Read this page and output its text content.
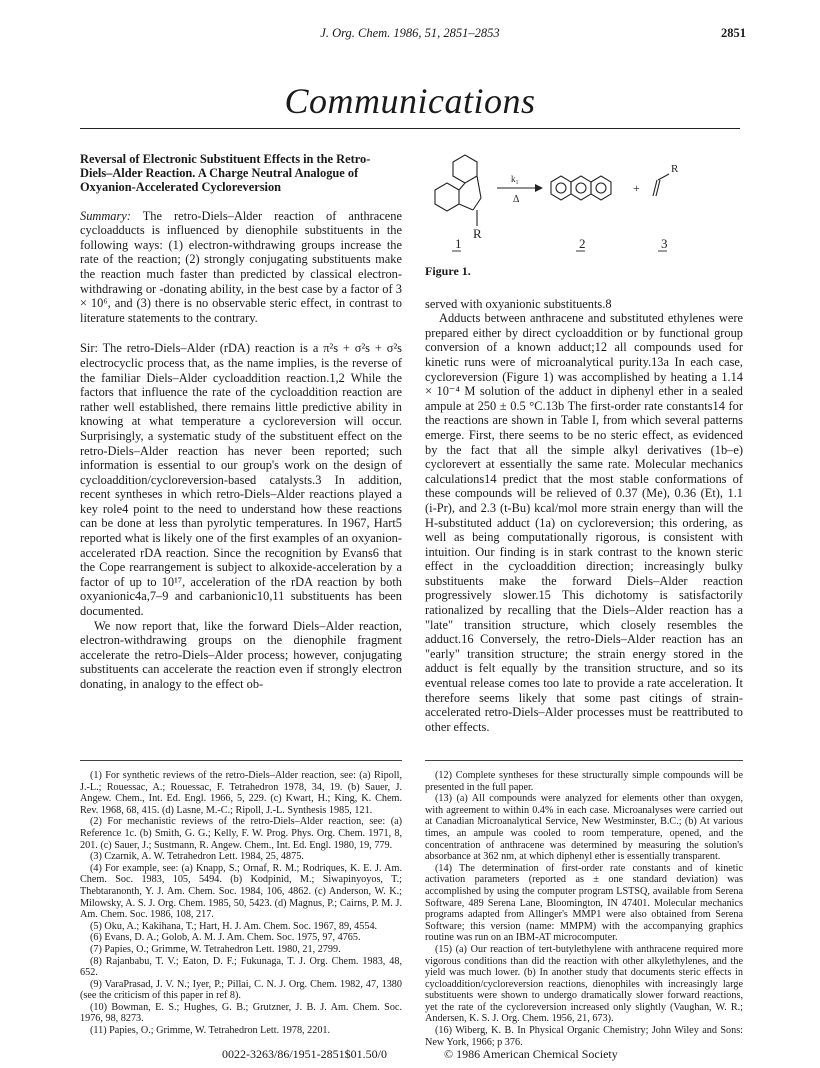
J. Org. Chem. 1986, 51, 2851–2853	2851
Communications
Reversal of Electronic Substituent Effects in the Retro-Diels–Alder Reaction. A Charge Neutral Analogue of Oxyanion-Accelerated Cycloreversion
Summary: The retro-Diels–Alder reaction of anthracene cycloadducts is influenced by dienophile substituents in the following ways: (1) electron-withdrawing groups increase the rate of the reaction; (2) strongly conjugating substituents make the reaction much faster than predicted by classical electron-withdrawing or -donating ability, in the best case by a factor of 3 × 10⁶, and (3) there is no observable steric effect, in contrast to literature statements to the contrary.

Sir: The retro-Diels–Alder (rDA) reaction is a π²s + σ²s + σ²s electrocyclic process that, as the name implies, is the reverse of the familiar Diels–Alder cycloaddition reaction.1,2 While the factors that influence the rate of the cycloaddition reaction are rather well established, there remains little predictive ability in knowing at what temperature a cycloreversion will occur. Surprisingly, a systematic study of the substituent effect on the retro-Diels–Alder reaction has never been reported; such information is essential to our group's work on the design of cycloaddition/cycloreversion-based catalysts.3 In addition, recent syntheses in which retro-Diels–Alder reactions played a key role4 point to the need to understand how these reactions can be done at less than pyrolytic temperatures. In 1967, Hart5 reported what is likely one of the first examples of an oxyanion-accelerated rDA reaction. Since the recognition by Evans6 that the Cope rearrangement is subject to alkoxide-acceleration by a factor of up to 10¹⁷, acceleration of the rDA reaction by both oxyanionic4a,7–9 and carbanionic10,11 substituents has been documented.

We now report that, like the forward Diels–Alder reaction, electron-withdrawing groups on the dienophile fragment accelerate the retro-Diels–Alder process; however, conjugating substituents can accelerate the reaction even if strongly electron donating, in analogy to the effect ob-

R
k₁
Δ
+
R
1	2	3
Figure 1.

served with oxyanionic substituents.8

Adducts between anthracene and substituted ethylenes were prepared either by direct cycloaddition or by functional group conversion of a known adduct;12 all compounds used for kinetic runs were of microanalytical purity.13a In each case, cycloreversion (Figure 1) was accomplished by heating a 1.14 × 10⁻⁴ M solution of the adduct in diphenyl ether in a sealed ampule at 250 ± 0.5 °C.13b The first-order rate constants14 for the reactions are shown in Table I, from which several patterns emerge. First, there seems to be no steric effect, as evidenced by the fact that all the simple alkyl derivatives (1b–e) cyclorevert at essentially the same rate. Molecular mechanics calculations14 predict that the most stable conformations of these compounds will be relieved of 0.37 (Me), 0.36 (Et), 1.1 (i-Pr), and 2.3 (t-Bu) kcal/mol more strain energy than will the H-substituted adduct (1a) on cycloreversion; this ordering, as well as being computationally rigorous, is consistent with intuition. Our finding is in stark contrast to the known steric effect in the cycloaddition direction; increasingly bulky substituents make the forward Diels–Alder reaction progressively slower.15 This dichotomy is satisfactorily rationalized by recalling that the Diels–Alder reaction has a "late" transition structure, which closely resembles the adduct.16 Conversely, the retro-Diels–Alder reaction has an "early" transition structure; the strain energy stored in the adduct is felt equally by the transition structure, and so its eventual release comes too late to provide a rate acceleration. It therefore seems likely that some past citings of strain-accelerated retro-Diels–Alder processes must be reattributed to other effects.

(1) For synthetic reviews of the retro-Diels–Alder reaction, see: (a) Ripoll, J.-L.; Rouessac, A.; Rouessac, F. Tetrahedron 1978, 34, 19. (b) Sauer, J. Angew. Chem., Int. Ed. Engl. 1966, 5, 229. (c) Kwart, H.; King, K. Chem. Rev. 1968, 68, 415. (d) Lasne, M.-C.; Ripoll, J.-L. Synthesis 1985, 121.

(2) For mechanistic reviews of the retro-Diels–Alder reaction, see: (a) Reference 1c. (b) Smith, G. G.; Kelly, F. W. Prog. Phys. Org. Chem. 1971, 8, 201. (c) Sauer, J.; Sustmann, R. Angew. Chem., Int. Ed. Engl. 1980, 19, 779.

(3) Czarnik, A. W. Tetrahedron Lett. 1984, 25, 4875.

(4) For example, see: (a) Knapp, S.; Ornaf, R. M.; Rodriques, K. E. J. Am. Chem. Soc. 1983, 105, 5494. (b) Kodpinid, M.; Siwapinyoyos, T.; Thebtaranonth, Y. J. Am. Chem. Soc. 1984, 106, 4862. (c) Anderson, W. K.; Milowsky, A. S. J. Org. Chem. 1985, 50, 5423. (d) Magnus, P.; Cairns, P. M. J. Am. Chem. Soc. 1986, 108, 217.

(5) Oku, A.; Kakihana, T.; Hart, H. J. Am. Chem. Soc. 1967, 89, 4554.

(6) Evans, D. A.; Golob, A. M. J. Am. Chem. Soc. 1975, 97, 4765.

(7) Papies, O.; Grimme, W. Tetrahedron Lett. 1980, 21, 2799.

(8) Rajanbabu, T. V.; Eaton, D. F.; Fukunaga, T. J. Org. Chem. 1983, 48, 652.

(9) VaraPrasad, J. V. N.; Iyer, P.; Pillai, C. N. J. Org. Chem. 1982, 47, 1380 (see the criticism of this paper in ref 8).

(10) Bowman, E. S.; Hughes, G. B.; Grutzner, J. B. J. Am. Chem. Soc. 1976, 98, 8273.

(11) Papies, O.; Grimme, W. Tetrahedron Lett. 1978, 2201.

(12) Complete syntheses for these structurally simple compounds will be presented in the full paper.

(13) (a) All compounds were analyzed for elements other than oxygen, with agreement to within 0.4% in each case. Microanalyses were carried out at Canadian Microanalytical Service, New Westminster, B.C.; (b) At various times, an ampule was cooled to room temperature, opened, and the concentration of anthracene was determined by measuring the solution's absorbance at 362 nm, at which diphenyl ether is essentially transparent.

(14) The determination of first-order rate constants and of kinetic activation parameters (reported as ± one standard deviation) was accomplished by using the computer program LSTSQ, available from Serena Software, 489 Serena Lane, Bloomington, IN 47401. Molecular mechanics programs adapted from Allinger's MMP1 were also obtained from Serena Software; this version (name: MMPM) with the accompanying graphics routine was run on an IBM-AT microcomputer.

(15) (a) Our reaction of tert-butylethylene with anthracene required more vigorous conditions than did the reaction with other alkylethylenes, and the yield was much lower. (b) In another study that documents steric effects in cycloaddition/cycloreversion reactions, dienophiles with increasingly large substituents were shown to undergo dramatically slower forward reactions, yet the rate of the cycloreversion increased only slightly (Vaughan, W. R.; Andersen, K. S. J. Org. Chem. 1956, 21, 673).

(16) Wiberg, K. B. In Physical Organic Chemistry; John Wiley and Sons: New York, 1966; p 376.

0022-3263/86/1951-2851$01.50/0	© 1986 American Chemical Society
